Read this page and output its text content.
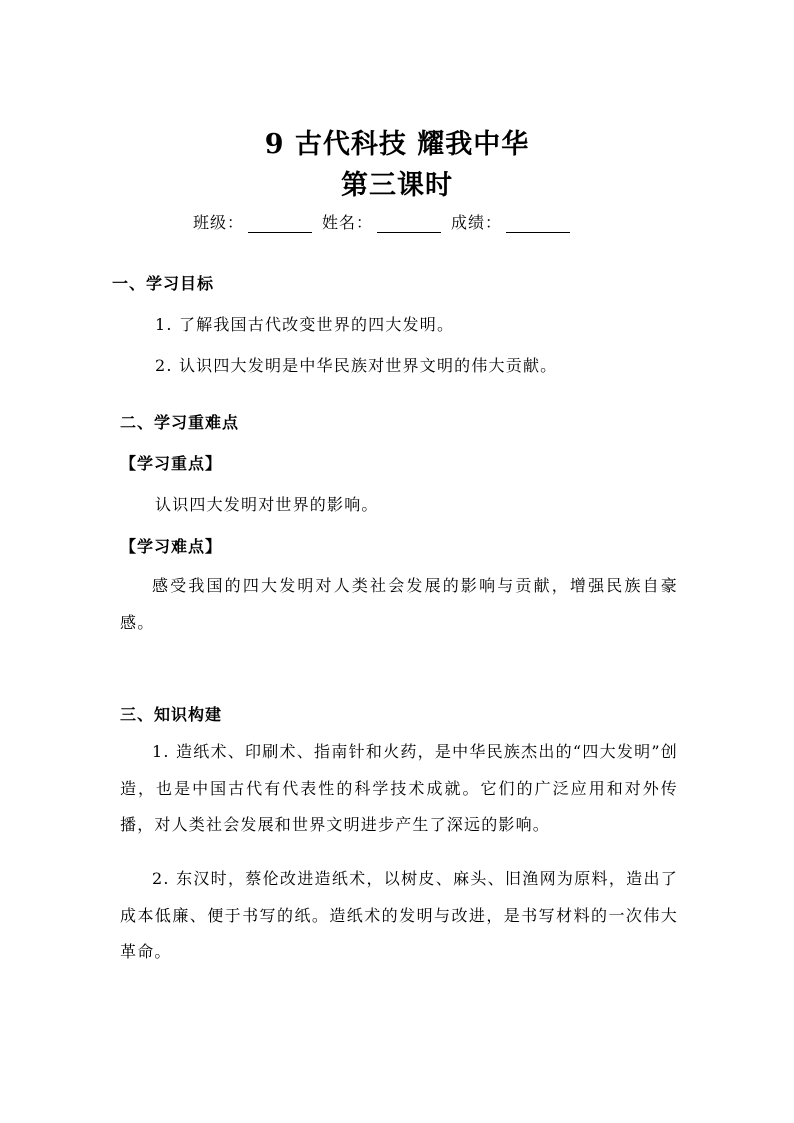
9 古代科技 耀我中华
第三课时
班级：	姓名：	成绩：
一、学习目标
1. 了解我国古代改变世界的四大发明。
2. 认识四大发明是中华民族对世界文明的伟大贡献。
二、学习重难点
【学习重点】
认识四大发明对世界的影响。
【学习难点】
感受我国的四大发明对人类社会发展的影响与贡献，增强民族自豪感。
三、知识构建
1. 造纸术、印刷术、指南针和火药，是中华民族杰出的“四大发明”创造，也是中国古代有代表性的科学技术成就。它们的广泛应用和对外传播，对人类社会发展和世界文明进步产生了深远的影响。
2. 东汉时，蔡伦改进造纸术，以树皮、麻头、旧渔网为原料，造出了成本低廉、便于书写的纸。造纸术的发明与改进，是书写材料的一次伟大革命。
